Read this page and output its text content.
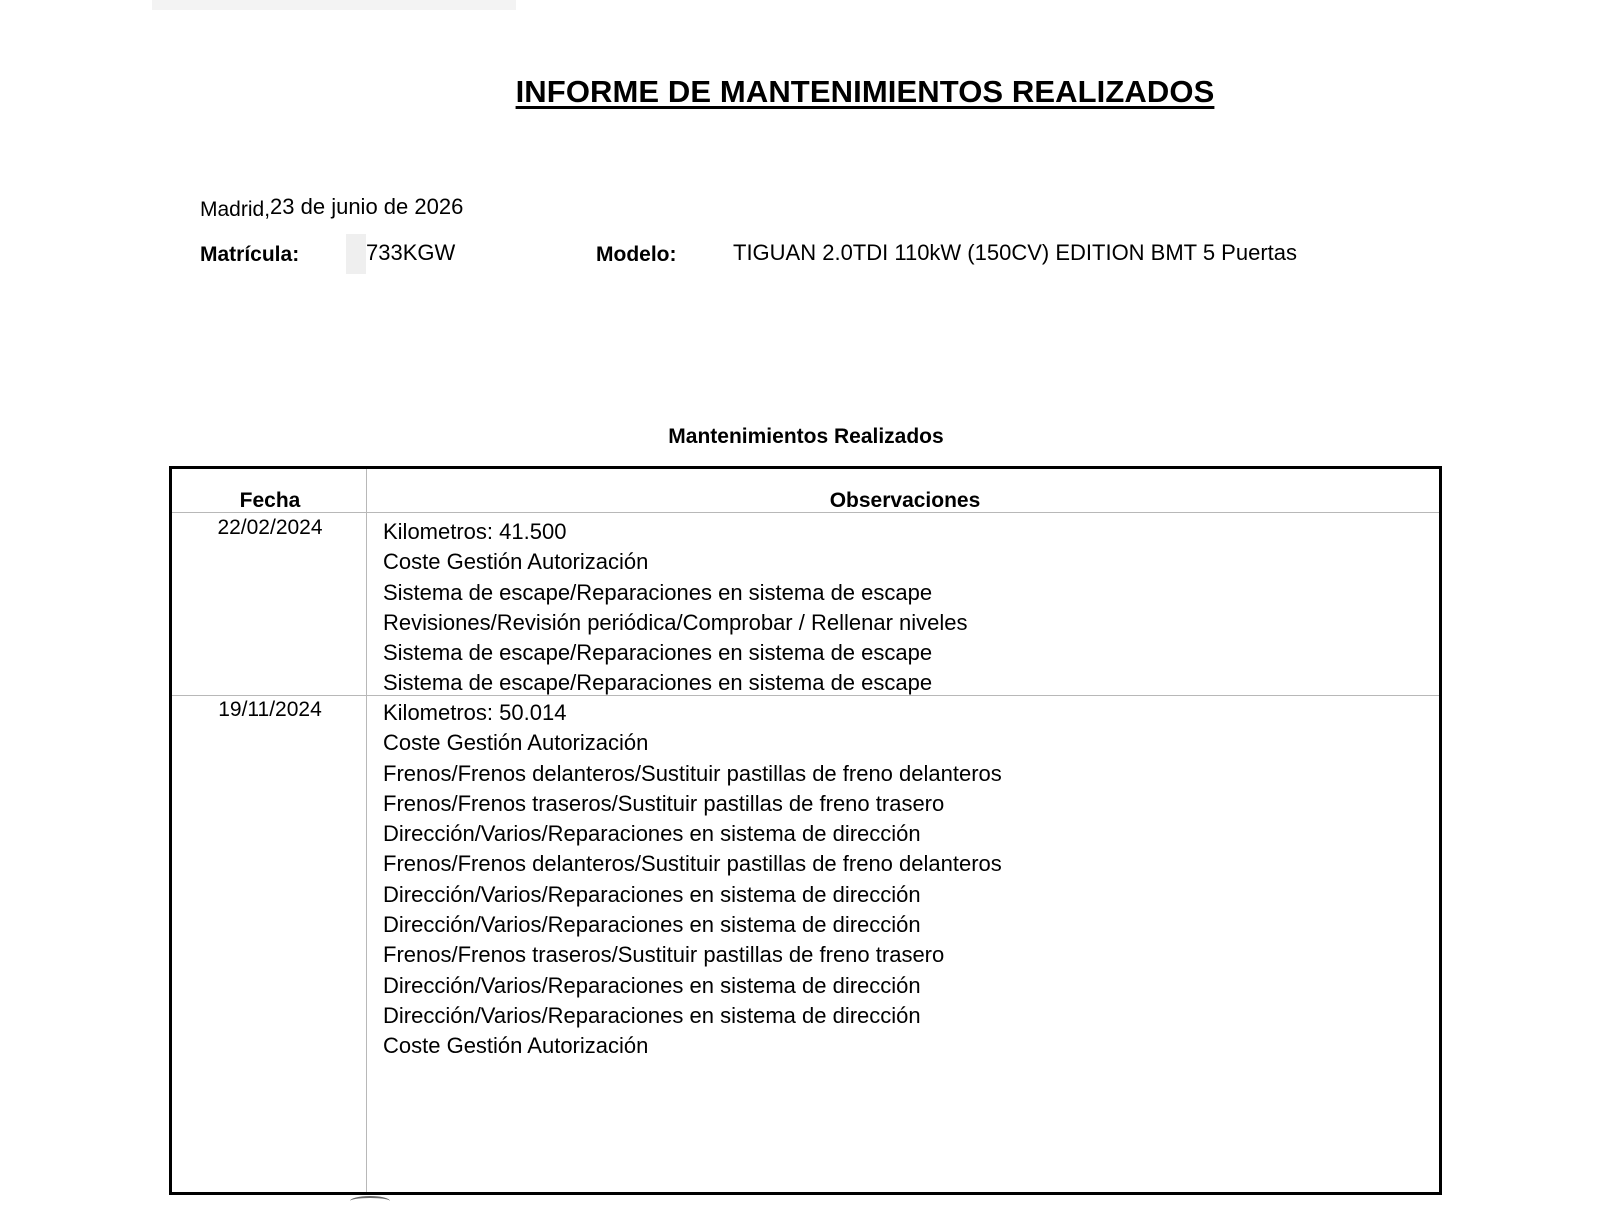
INFORME DE MANTENIMIENTOS REALIZADOS
Madrid,23 de junio de 2026
Matrícula:	733KGW	Modelo:	TIGUAN 2.0TDI 110kW (150CV) EDITION BMT 5 Puertas
Mantenimientos Realizados
Fecha	Observaciones
22/02/2024	Kilometros: 41.500
Coste Gestión Autorización
Sistema de escape/Reparaciones en sistema de escape
Revisiones/Revisión periódica/Comprobar / Rellenar niveles
Sistema de escape/Reparaciones en sistema de escape
Sistema de escape/Reparaciones en sistema de escape
19/11/2024	Kilometros: 50.014
Coste Gestión Autorización
Frenos/Frenos delanteros/Sustituir pastillas de freno delanteros
Frenos/Frenos traseros/Sustituir pastillas de freno trasero
Dirección/Varios/Reparaciones en sistema de dirección
Frenos/Frenos delanteros/Sustituir pastillas de freno delanteros
Dirección/Varios/Reparaciones en sistema de dirección
Dirección/Varios/Reparaciones en sistema de dirección
Frenos/Frenos traseros/Sustituir pastillas de freno trasero
Dirección/Varios/Reparaciones en sistema de dirección
Dirección/Varios/Reparaciones en sistema de dirección
Coste Gestión Autorización
